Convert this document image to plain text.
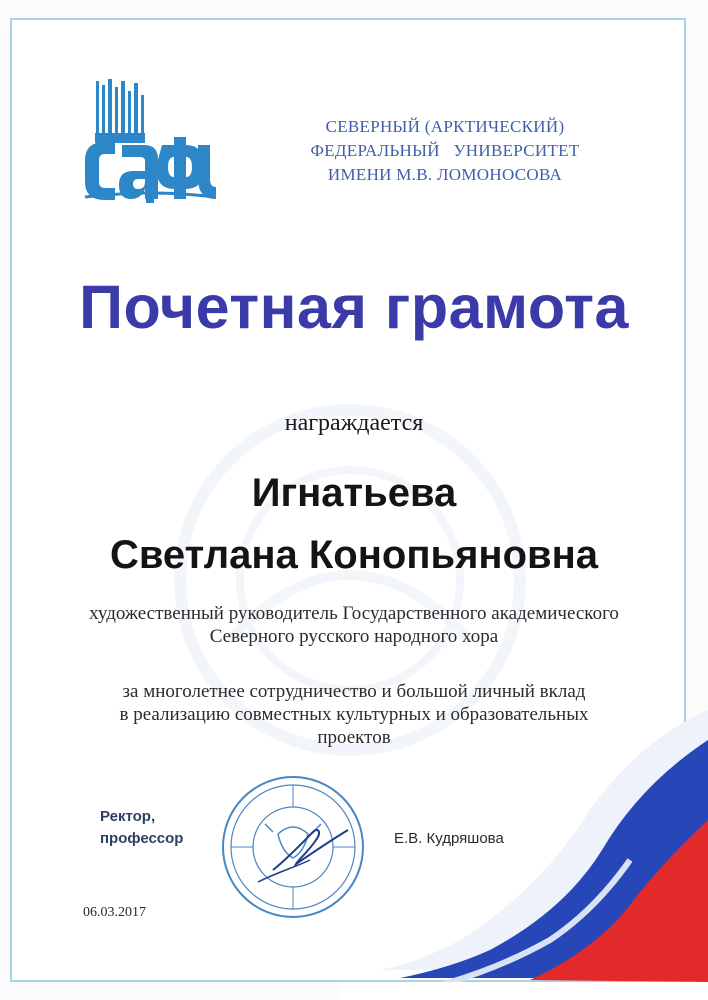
СЕВЕРНЫЙ (АРКТИЧЕСКИЙ)
ФЕДЕРАЛЬНЫЙ   УНИВЕРСИТЕТ
ИМЕНИ М.В. ЛОМОНОСОВА
Почетная грамота
награждается
Игнатьева
Светлана Конопьяновна
художественный руководитель Государственного академического
Северного русского народного хора
за многолетнее сотрудничество и большой личный вклад
в реализацию совместных культурных и образовательных
проектов
Ректор,
профессор	Е.В. Кудряшова
06.03.2017
